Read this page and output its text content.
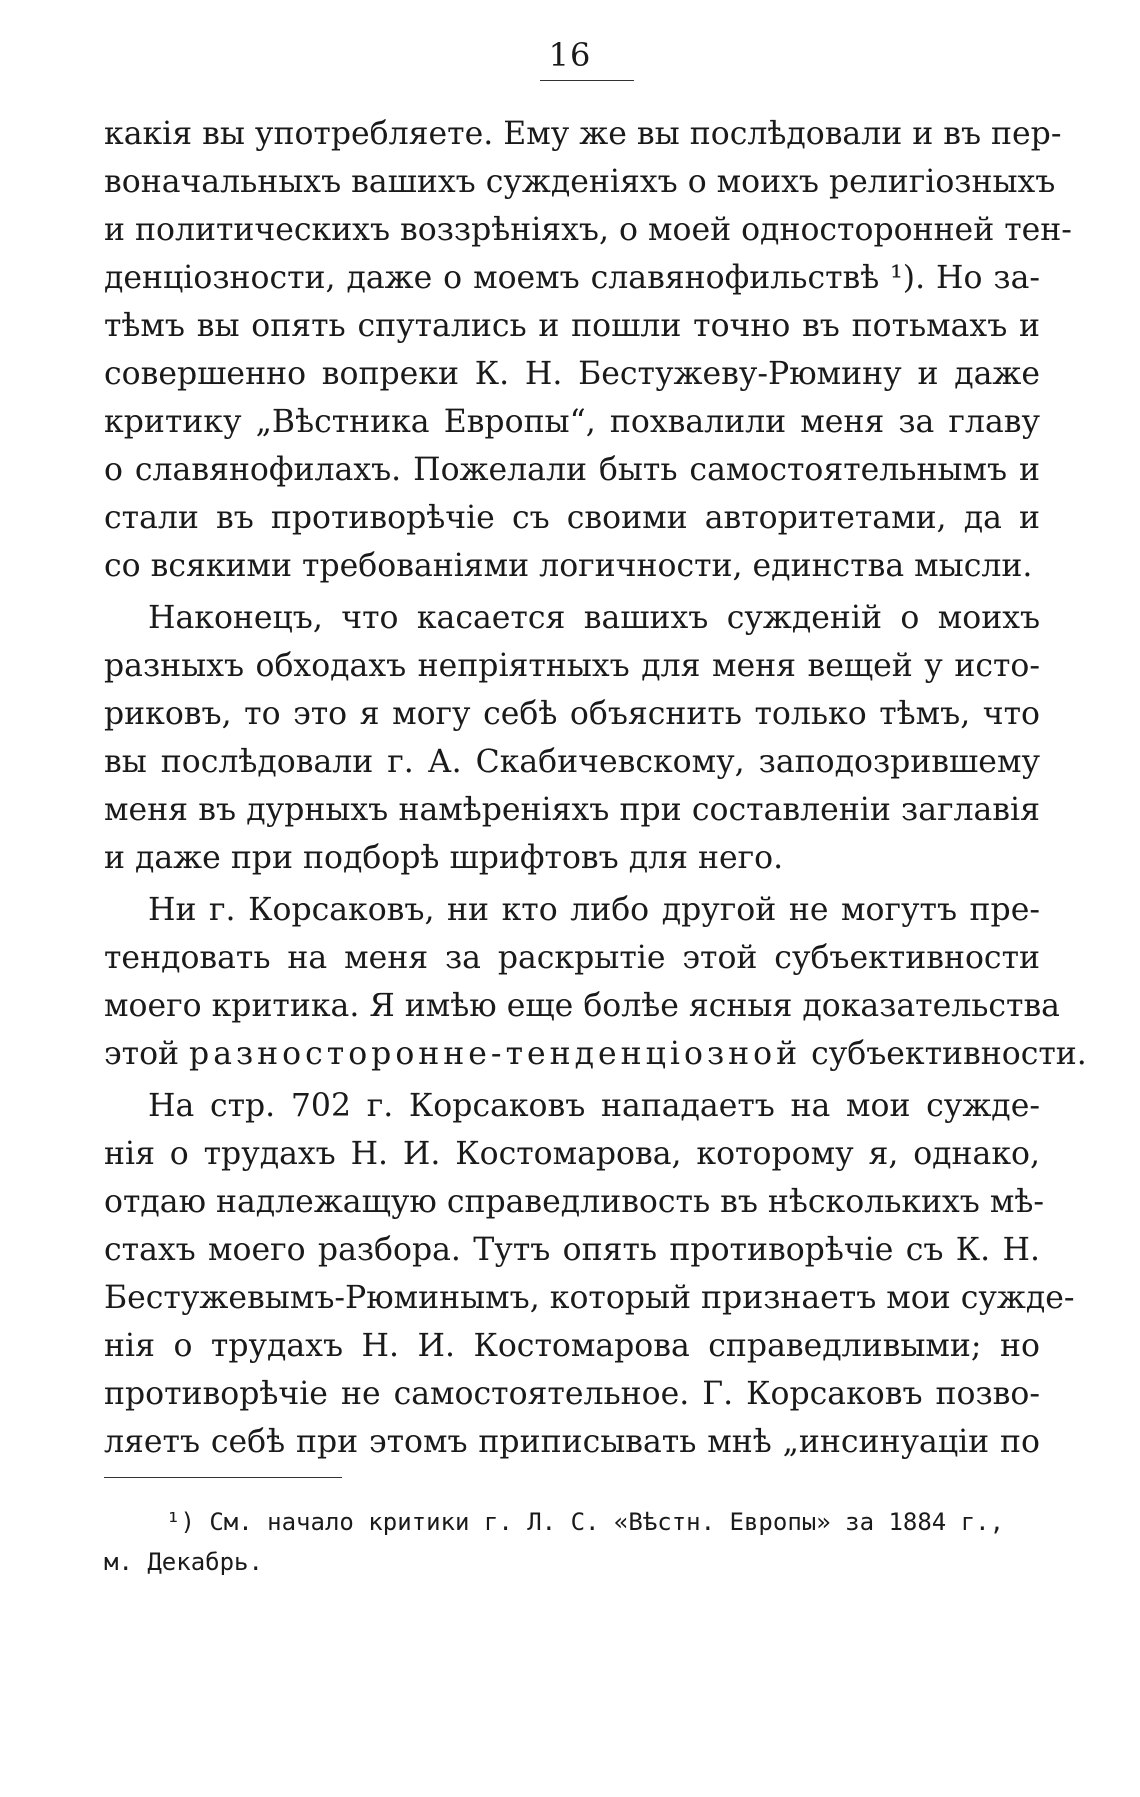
16

какія вы употребляете. Ему же вы послѣдовали и въ пер-
воначальныхъ вашихъ сужденіяхъ о моихъ религіозныхъ
и политическихъ воззрѣніяхъ, о моей односторонней тен-
денціозности, даже о моемъ славянофильствѣ ¹). Но за-
тѣмъ вы опять спутались и пошли точно въ потьмахъ и
совершенно вопреки К. Н. Бестужеву-Рюмину и даже
критику „Вѣстника Европы“, похвалили меня за главу
о славянофилахъ. Пожелали быть самостоятельнымъ и
стали въ противорѣчіе съ своими авторитетами, да и
со всякими требованіями логичности, единства мысли.

Наконецъ, что касается вашихъ сужденій о моихъ
разныхъ обходахъ непріятныхъ для меня вещей у исто-
риковъ, то это я могу себѣ объяснить только тѣмъ, что
вы послѣдовали г. А. Скабичевскому, заподозрившему
меня въ дурныхъ намѣреніяхъ при составленіи заглавія
и даже при подборѣ шрифтовъ для него.

Ни г. Корсаковъ, ни кто либо другой не могутъ пре-
тендовать на меня за раскрытіе этой субъективности
моего критика. Я имѣю еще болѣе ясныя доказательства
этой разносторонне-тенденціозной субъективности.

На стр. 702 г. Корсаковъ нападаетъ на мои сужде-
нія о трудахъ Н. И. Костомарова, которому я, однако,
отдаю надлежащую справедливость въ нѣсколькихъ мѣ-
стахъ моего разбора. Тутъ опять противорѣчіе съ К. Н.
Бестужевымъ-Рюминымъ, который признаетъ мои сужде-
нія о трудахъ Н. И. Костомарова справедливыми; но
противорѣчіе не самостоятельное. Г. Корсаковъ позво-
ляетъ себѣ при этомъ приписывать мнѣ „инсинуаціи по

¹) См. начало критики г. Л. С. «Вѣстн. Европы» за 1884 г.,
м. Декабрь.
